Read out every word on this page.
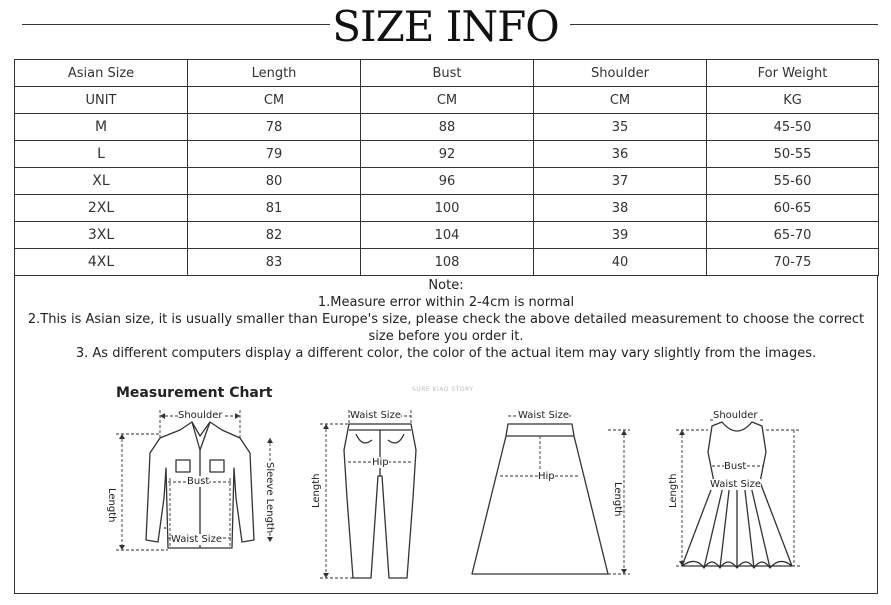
SIZE INFO
Asian Size	Length	Bust	Shoulder	For Weight
UNIT	CM	CM	CM	KG
M	78	88	35	45-50
L	79	92	36	50-55
XL	80	96	37	55-60
2XL	81	100	38	60-65
3XL	82	104	39	65-70
4XL	83	108	40	70-75
Note:
1.Measure error within 2-4cm is normal
2.This is Asian size, it is usually smaller than Europe's size, please check the above detailed measurement to choose the correct size before you order it.
3. As different computers display a different color, the color of the actual item may vary slightly from the images.
Measurement Chart	SURE KIAO STORY
Shoulder
Bust
Waist Size
Length	Sleeve Length
Waist Size
Hip
Length
Waist Size
Hip
Length
Shoulder
Bust
Waist Size
Length
